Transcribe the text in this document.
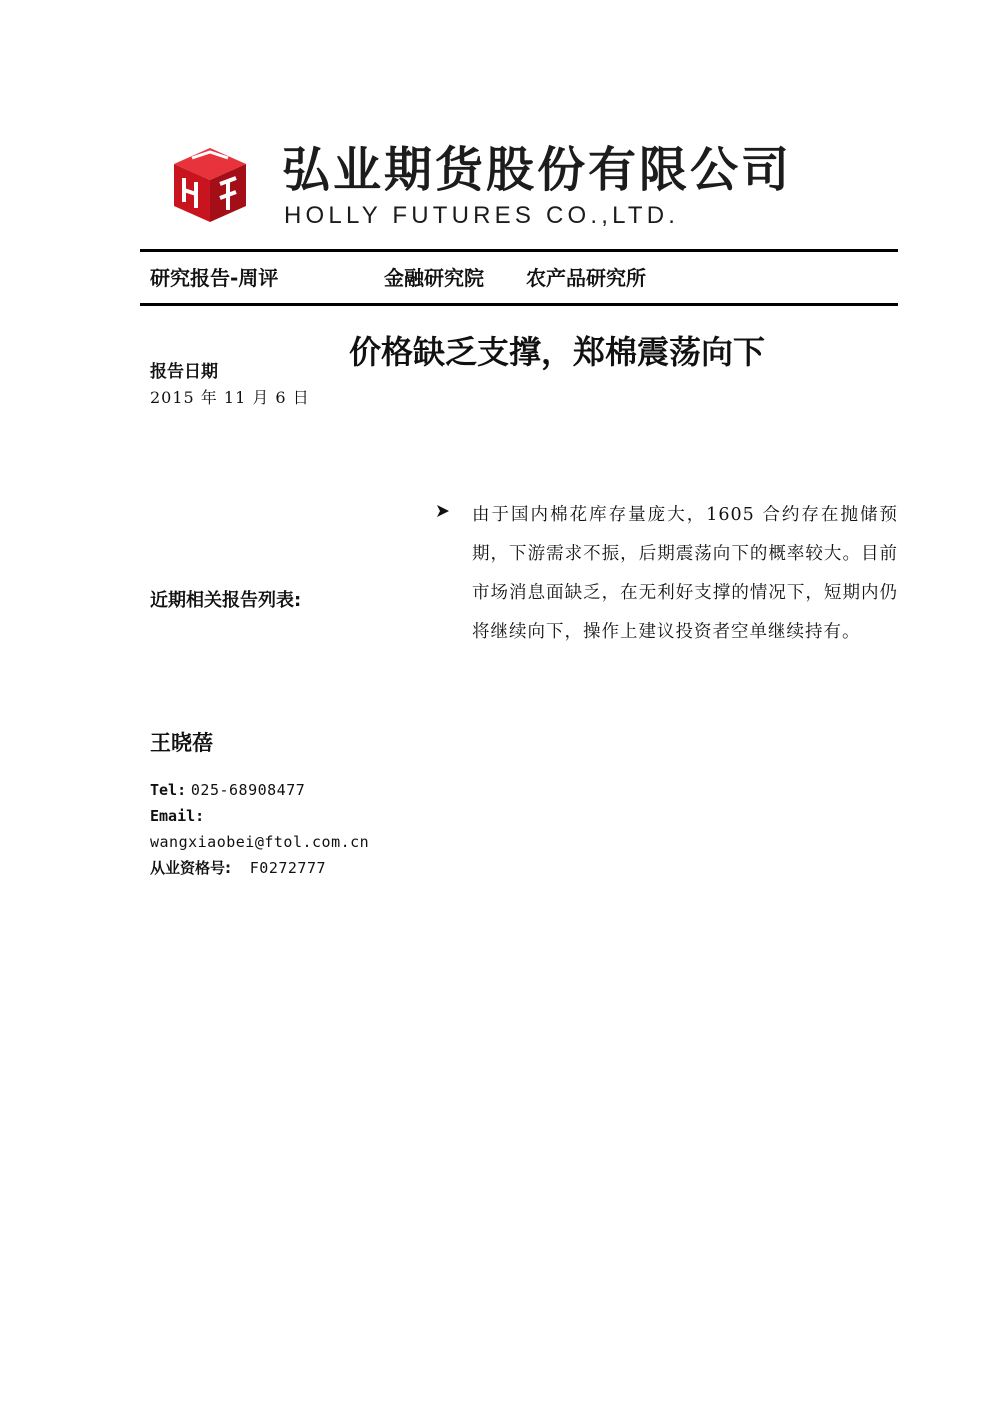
弘业期货股份有限公司
HOLLY FUTURES CO.,LTD.
研究报告-周评	金融研究院 农产品研究所
价格缺乏支撑，郑棉震荡向下
报告日期
2015 年 11 月 6 日

由于国内棉花库存量庞大，1605 合约存在抛储预期，下游需求不振，后期震荡向下的概率较大。目前市场消息面缺乏，在无利好支撑的情况下，短期内仍将继续向下，操作上建议投资者空单继续持有。

近期相关报告列表:
王晓蓓
Tel: 025-68908477
Email:
wangxiaobei@ftol.com.cn
从业资格号: F0272777
